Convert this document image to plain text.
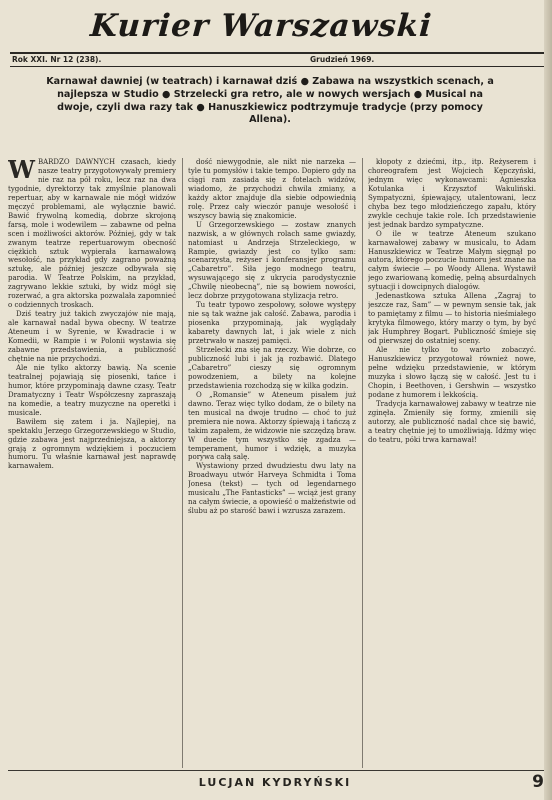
Kurier Warszawski
Rok XXI. Nr 12 (238).	Grudzień 1969.
Karnawał dawniej (w teatrach) i karnawał dziś ● Zabawa na wszystkich scenach, a najlepsza w Studio ● Strzelecki gra retro, ale w nowych wersjach ● Musical na dwoje, czyli dwa razy tak ● Hanuszkiewicz podtrzymuje tradycje (przy pomocy Allena).

WBARDZO DAWNYCH czasach, kiedy nasze teatry przygotowywały premiery nie raz na pół roku, lecz raz na dwa tygodnie, dyrektorzy tak zmyślnie planowali repertuar, aby w karnawale nie mógł widzów męczyć problemami, ale wyłącznie bawić. Bawić frywolną komedią, dobrze skrojoną farsą, mole i wodewilem — zabawne od pełna scen i możliwości aktorów. Później, gdy w tak zwanym teatrze repertuarowym obecność ciężkich sztuk wypierała karnawałową wesołość, na przykład gdy zagrano poważną sztukę, ale później jeszcze odbywała się parodia. W Teatrze Polskim, na przykład, zagrywano lekkie sztuki, by widz mógł się rozerwać, a gra aktorska pozwalała zapomnieć o codziennych troskach.

Dziś teatry już takich zwyczajów nie mają, ale karnawał nadal bywa obecny. W teatrze Ateneum i w Syrenie, w Kwadracie i w Komedii, w Rampie i w Polonii wystawia się zabawne przedstawienia, a publiczność chętnie na nie przychodzi.

Ale nie tylko aktorzy bawią. Na scenie teatralnej pojawiają się piosenki, tańce i humor, które przypominają dawne czasy. Teatr Dramatyczny i Teatr Współczesny zapraszają na komedie, a teatry muzyczne na operetki i musicale.

Bawiłem się zatem i ja. Najlepiej, na spektaklu Jerzego Grzegorzewskiego w Studio, gdzie zabawa jest najprzedniejsza, a aktorzy grają z ogromnym wdziękiem i poczuciem humoru. Tu właśnie karnawał jest naprawdę karnawałem.

dość niewygodnie, ale nikt nie narzeka — tyle tu pomysłów i takie tempo. Dopiero gdy na ciągi ram zasiada się z fotelach widzów, wiadomo, że przychodzi chwila zmiany, a każdy aktor znajduje dla siebie odpowiednią rolę. Przez cały wieczór panuje wesołość i wszyscy bawią się znakomicie.

U Grzegorzewskiego — zostaw znanych nazwisk, a w głównych rolach same gwiazdy, natomiast u Andrzeja Strzeleckiego, w Rampie, gwiazdy jest co tylko sam: scenarzysta, reżyser i konferansjer programu „Cabaretro”. Siła jego modnego teatru, wysuwającego się z ukrycia parodystycznie „Chwilę nieobecną”, nie są bowiem nowości, lecz dobrze przygotowana stylizacja retro.

Tu teatr typowo zespołowy, sołowe występy nie są tak ważne jak całość. Zabawa, parodia i piosenka przypominają, jak wyglądały kabarety dawnych lat, i jak wiele z nich przetrwało w naszej pamięci.

Strzelecki zna się na rzeczy. Wie dobrze, co publiczność lubi i jak ją rozbawić. Dlatego „Cabaretro” cieszy się ogromnym powodzeniem, a bilety na kolejne przedstawienia rozchodzą się w kilka godzin.

O „Romansie” w Ateneum pisałem już dawno. Teraz więc tylko dodam, że o bilety na ten musical na dwoje trudno — choć to już premiera nie nowa. Aktorzy śpiewają i tańczą z takim zapałem, że widzowie nie szczędzą braw. W duecie tym wszystko się zgadza — temperament, humor i wdzięk, a muzyka porywa całą salę.

Wystawiony przed dwudziestu dwu laty na Broadwayu utwór Harveya Schmidta i Toma Jonesa (tekst) — tych od legendarnego musicalu „The Fantasticks” — wciąż jest grany na całym świecie, a opowieść o małżeństwie od ślubu aż po starość bawi i wzrusza zarazem.

kłopoty z dziećmi, itp., itp. Reżyserem i choreografem jest Wojciech Kępczyński, jednym więc wykonawcami: Agnieszka Kotulanka i Krzysztof Wakuliński. Sympatyczni, śpiewający, utalentowani, lecz chyba bez tego młodzieńczego zapału, który zwykle cechuje takie role. Ich przedstawienie jest jednak bardzo sympatyczne.

O ile w teatrze Ateneum szukano karnawałowej zabawy w musicalu, to Adam Hanuszkiewicz w Teatrze Małym sięgnął po autora, którego poczucie humoru jest znane na całym świecie — po Woody Allena. Wystawił jego zwariowaną komedię, pełną absurdalnych sytuacji i dowcipnych dialogów.

Jedenastkowa sztuka Allena „Zagraj to jeszcze raz, Sam” — w pewnym sensie tak, jak to pamiętamy z filmu — to historia nieśmiałego krytyka filmowego, który marzy o tym, by być jak Humphrey Bogart. Publiczność śmieje się od pierwszej do ostatniej sceny.

Ale nie tylko to warto zobaczyć. Hanuszkiewicz przygotował również nowe, pełne wdzięku przedstawienie, w którym muzyka i słowo łączą się w całość. Jest tu i Chopin, i Beethoven, i Gershwin — wszystko podane z humorem i lekkością.

Tradycja karnawałowej zabawy w teatrze nie zginęła. Zmieniły się formy, zmienili się autorzy, ale publiczność nadal chce się bawić, a teatry chętnie jej to umożliwiają. Idźmy więc do teatru, póki trwa karnawał!

LUCJAN KYDRYŃSKI	9
